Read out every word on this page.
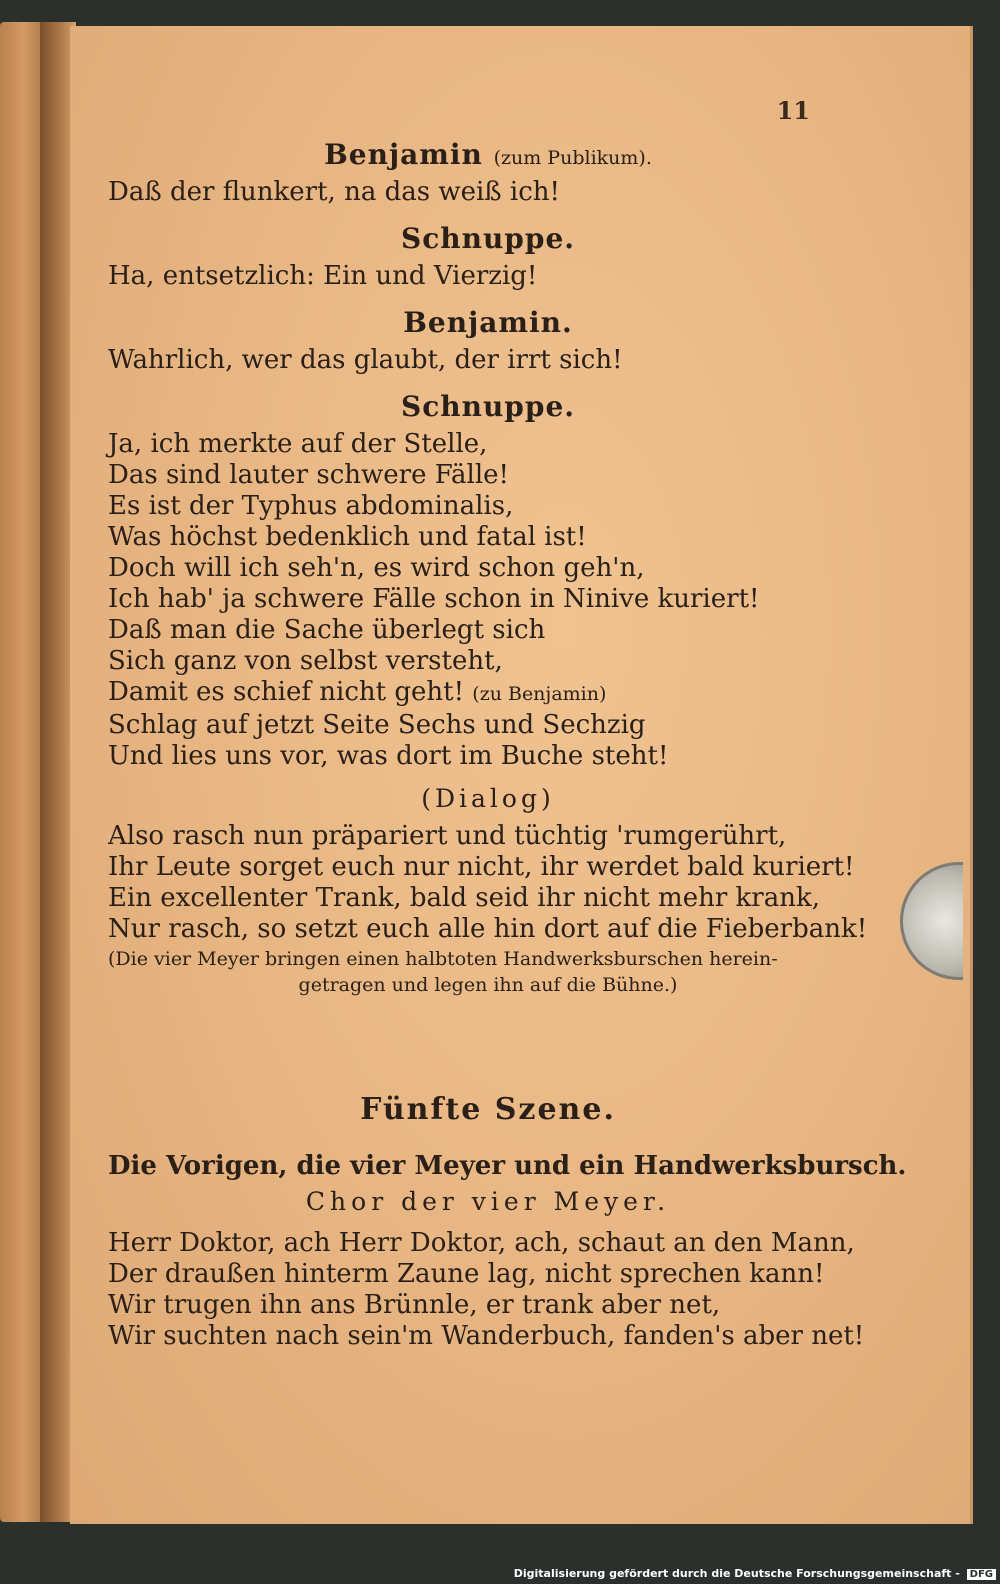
11

Benjamin (zum Publikum).

Daß der flunkert, na das weiß ich!

Schnuppe.

Ha, entsetzlich: Ein und Vierzig!

Benjamin.

Wahrlich, wer das glaubt, der irrt sich!

Schnuppe.

Ja, ich merkte auf der Stelle,

Das sind lauter schwere Fälle!

Es ist der Typhus abdominalis,

Was höchst bedenklich und fatal ist!

Doch will ich seh'n, es wird schon geh'n,

Ich hab' ja schwere Fälle schon in Ninive kuriert!

Daß man die Sache überlegt sich

Sich ganz von selbst versteht,

Damit es schief nicht geht! (zu Benjamin)

Schlag auf jetzt Seite Sechs und Sechzig

Und lies uns vor, was dort im Buche steht!

(Dialog)

Also rasch nun präpariert und tüchtig 'rumgerührt,

Ihr Leute sorget euch nur nicht, ihr werdet bald kuriert!

Ein excellenter Trank, bald seid ihr nicht mehr krank,

Nur rasch, so setzt euch alle hin dort auf die Fieberbank!

(Die vier Meyer bringen einen halbtoten Handwerksburschen herein-

getragen und legen ihn auf die Bühne.)

Fünfte Szene.

Die Vorigen, die vier Meyer und ein Handwerksbursch.

Chor der vier Meyer.

Herr Doktor, ach Herr Doktor, ach, schaut an den Mann,

Der draußen hinterm Zaune lag, nicht sprechen kann!

Wir trugen ihn ans Brünnle, er trank aber net,

Wir suchten nach sein'm Wanderbuch, fanden's aber net!

Digitalisierung gefördert durch die Deutsche Forschungsgemeinschaft - DFG
